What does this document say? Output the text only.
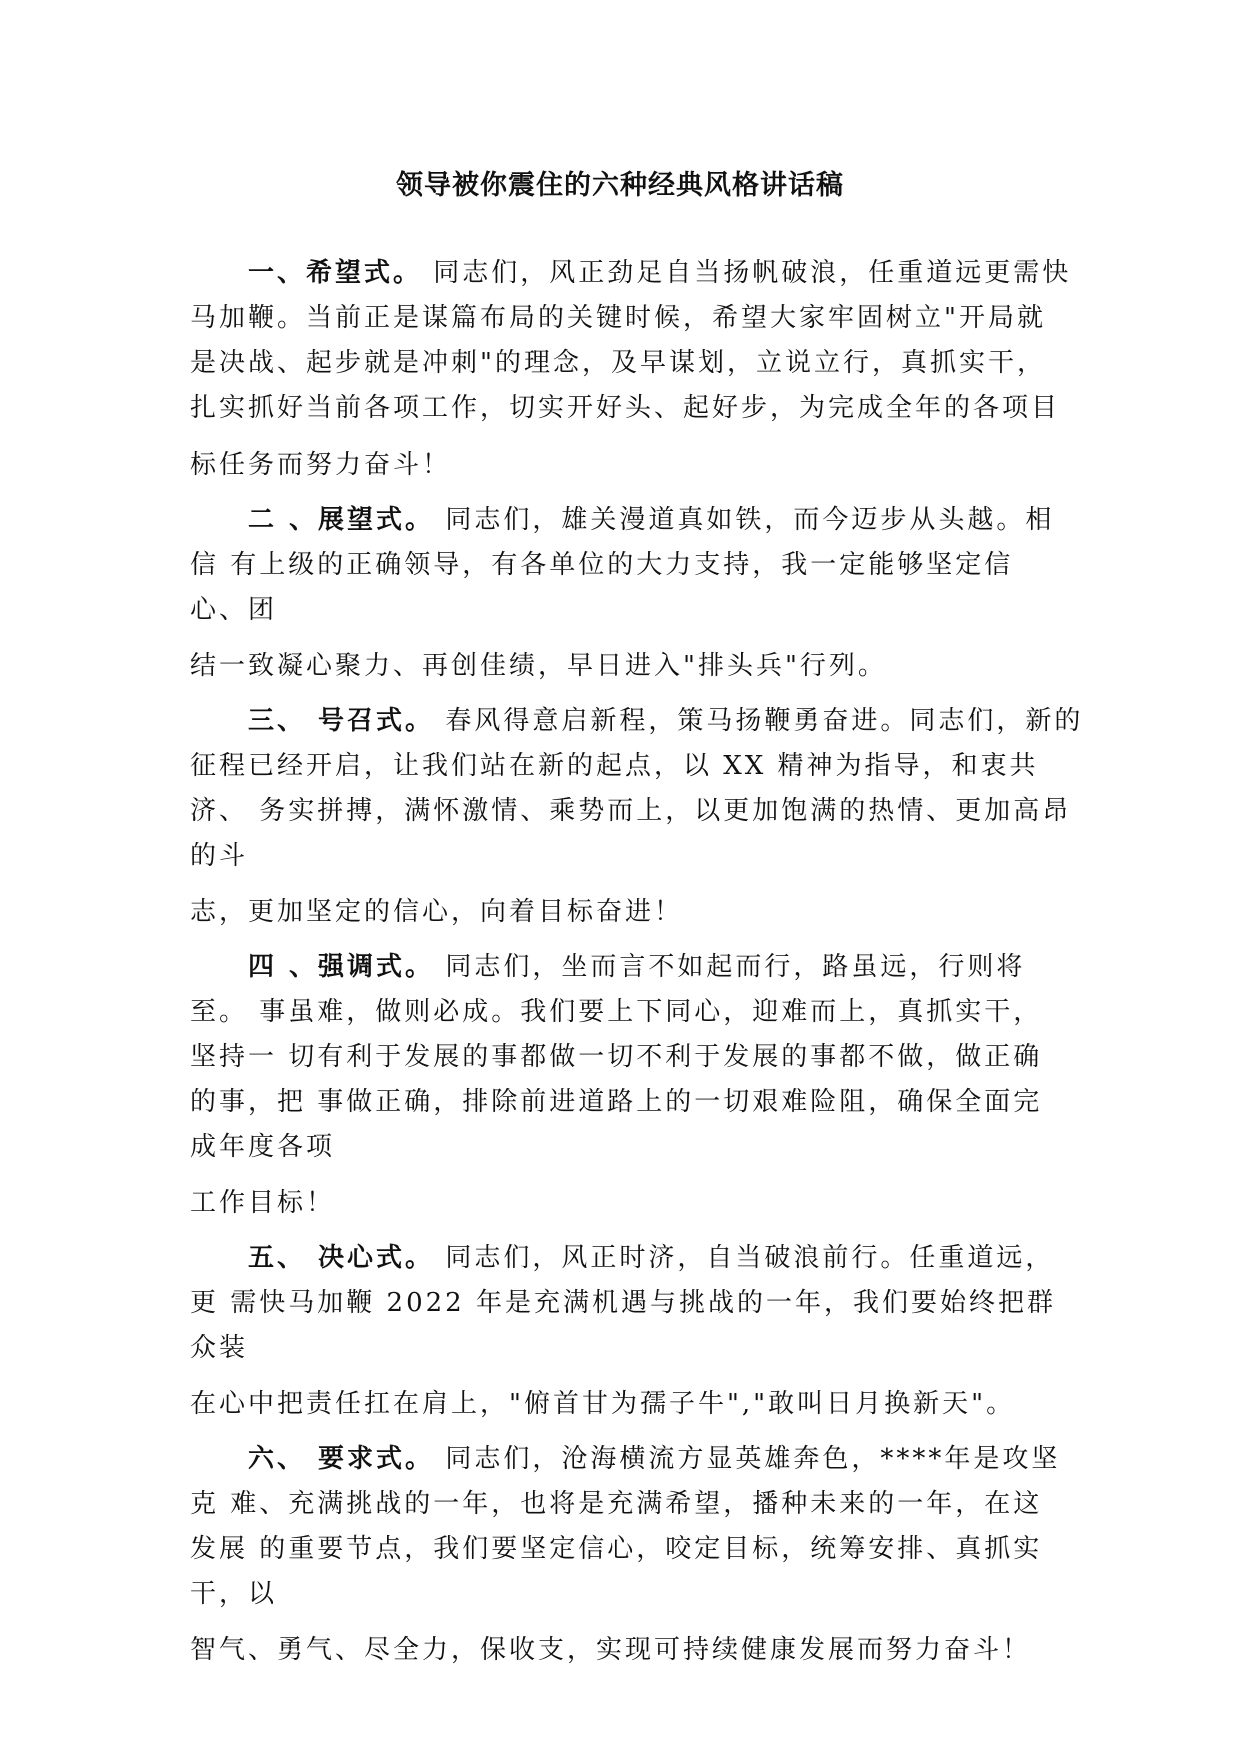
领导被你震住的六种经典风格讲话稿
一、希望式。 同志们，风正劲足自当扬帆破浪，任重道远更需快
马加鞭。当前正是谋篇布局的关键时候，希望大家牢固树立"开局就
是决战、起步就是冲刺"的理念，及早谋划，立说立行，真抓实干，
扎实抓好当前各项工作，切实开好头、起好步，为完成全年的各项目
标任务而努力奋斗！
二 、展望式。 同志们，雄关漫道真如铁，而今迈步从头越。相
信 有上级的正确领导，有各单位的大力支持，我一定能够坚定信
心、团
结一致凝心聚力、再创佳绩，早日进入"排头兵"行列。
三、 号召式。 春风得意启新程，策马扬鞭勇奋进。同志们，新的
征程已经开启，让我们站在新的起点，以 XX 精神为指导，和衷共
济、 务实拼搏，满怀激情、乘势而上，以更加饱满的热情、更加高昂
的斗
志，更加坚定的信心，向着目标奋进！
四 、强调式。 同志们，坐而言不如起而行，路虽远，行则将
至。 事虽难，做则必成。我们要上下同心，迎难而上，真抓实干，
坚持一 切有利于发展的事都做一切不利于发展的事都不做，做正确
的事，把 事做正确，排除前进道路上的一切艰难险阻，确保全面完
成年度各项
工作目标！
五、 决心式。 同志们，风正时济，自当破浪前行。任重道远，
更 需快马加鞭 2022 年是充满机遇与挑战的一年，我们要始终把群
众装
在心中把责任扛在肩上，"俯首甘为孺子牛","敢叫日月换新天"。
六、 要求式。 同志们，沧海横流方显英雄奔色，****年是攻坚
克 难、充满挑战的一年，也将是充满希望，播种未来的一年，在这
发展 的重要节点，我们要坚定信心，咬定目标，统筹安排、真抓实
干，以
智气、勇气、尽全力，保收支，实现可持续健康发展而努力奋斗！
